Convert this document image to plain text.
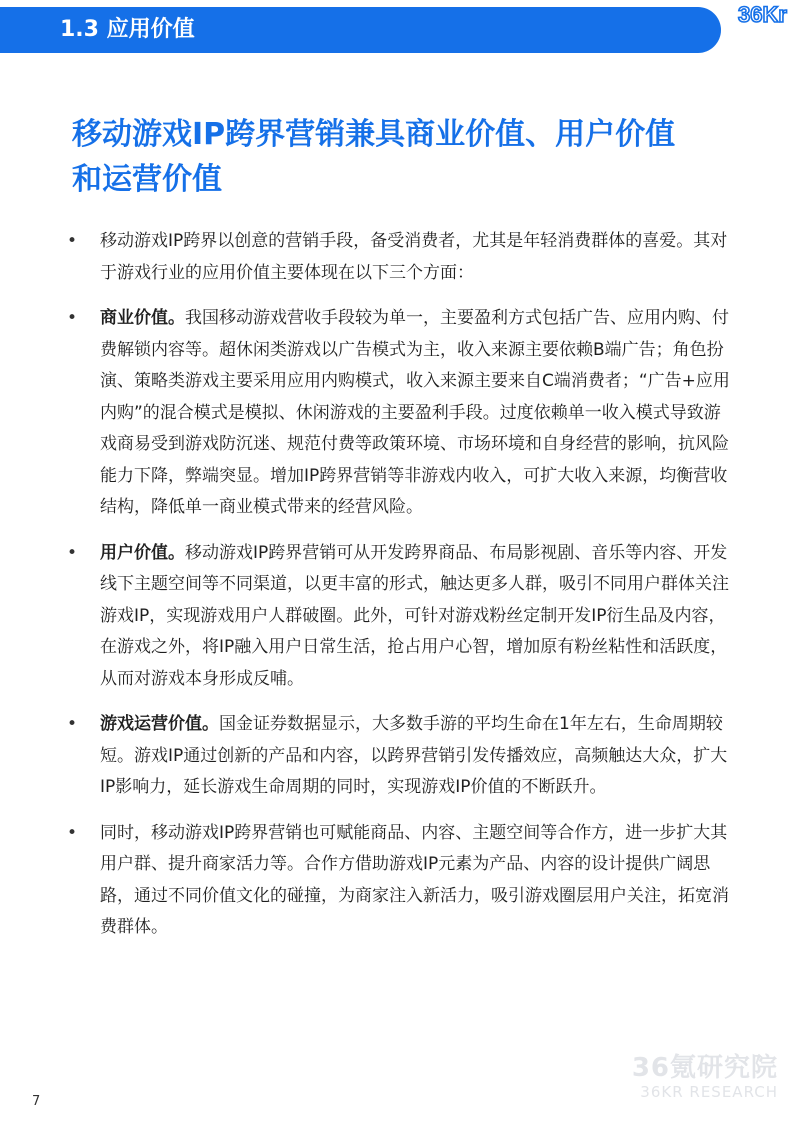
1.3 应用价值
36Kr
移动游戏IP跨界营销兼具商业价值、用户价值
和运营价值
• 移动游戏IP跨界以创意的营销手段，备受消费者，尤其是年轻消费群体的喜爱。其对于游戏行业的应用价值主要体现在以下三个方面：
• 商业价值。我国移动游戏营收手段较为单一，主要盈利方式包括广告、应用内购、付费解锁内容等。超休闲类游戏以广告模式为主，收入来源主要依赖B端广告；角色扮演、策略类游戏主要采用应用内购模式，收入来源主要来自C端消费者；“广告+应用内购”的混合模式是模拟、休闲游戏的主要盈利手段。过度依赖单一收入模式导致游戏商易受到游戏防沉迷、规范付费等政策环境、市场环境和自身经营的影响，抗风险能力下降，弊端突显。增加IP跨界营销等非游戏内收入，可扩大收入来源，均衡营收结构，降低单一商业模式带来的经营风险。
• 用户价值。移动游戏IP跨界营销可从开发跨界商品、布局影视剧、音乐等内容、开发线下主题空间等不同渠道，以更丰富的形式，触达更多人群，吸引不同用户群体关注游戏IP，实现游戏用户人群破圈。此外，可针对游戏粉丝定制开发IP衍生品及内容，在游戏之外，将IP融入用户日常生活，抢占用户心智，增加原有粉丝粘性和活跃度，从而对游戏本身形成反哺。
• 游戏运营价值。国金证券数据显示，大多数手游的平均生命在1年左右，生命周期较短。游戏IP通过创新的产品和内容，以跨界营销引发传播效应，高频触达大众，扩大IP影响力，延长游戏生命周期的同时，实现游戏IP价值的不断跃升。
• 同时，移动游戏IP跨界营销也可赋能商品、内容、主题空间等合作方，进一步扩大其用户群、提升商家活力等。合作方借助游戏IP元素为产品、内容的设计提供广阔思路，通过不同价值文化的碰撞，为商家注入新活力，吸引游戏圈层用户关注，拓宽消费群体。
36氪研究院
36KR RESEARCH
7
